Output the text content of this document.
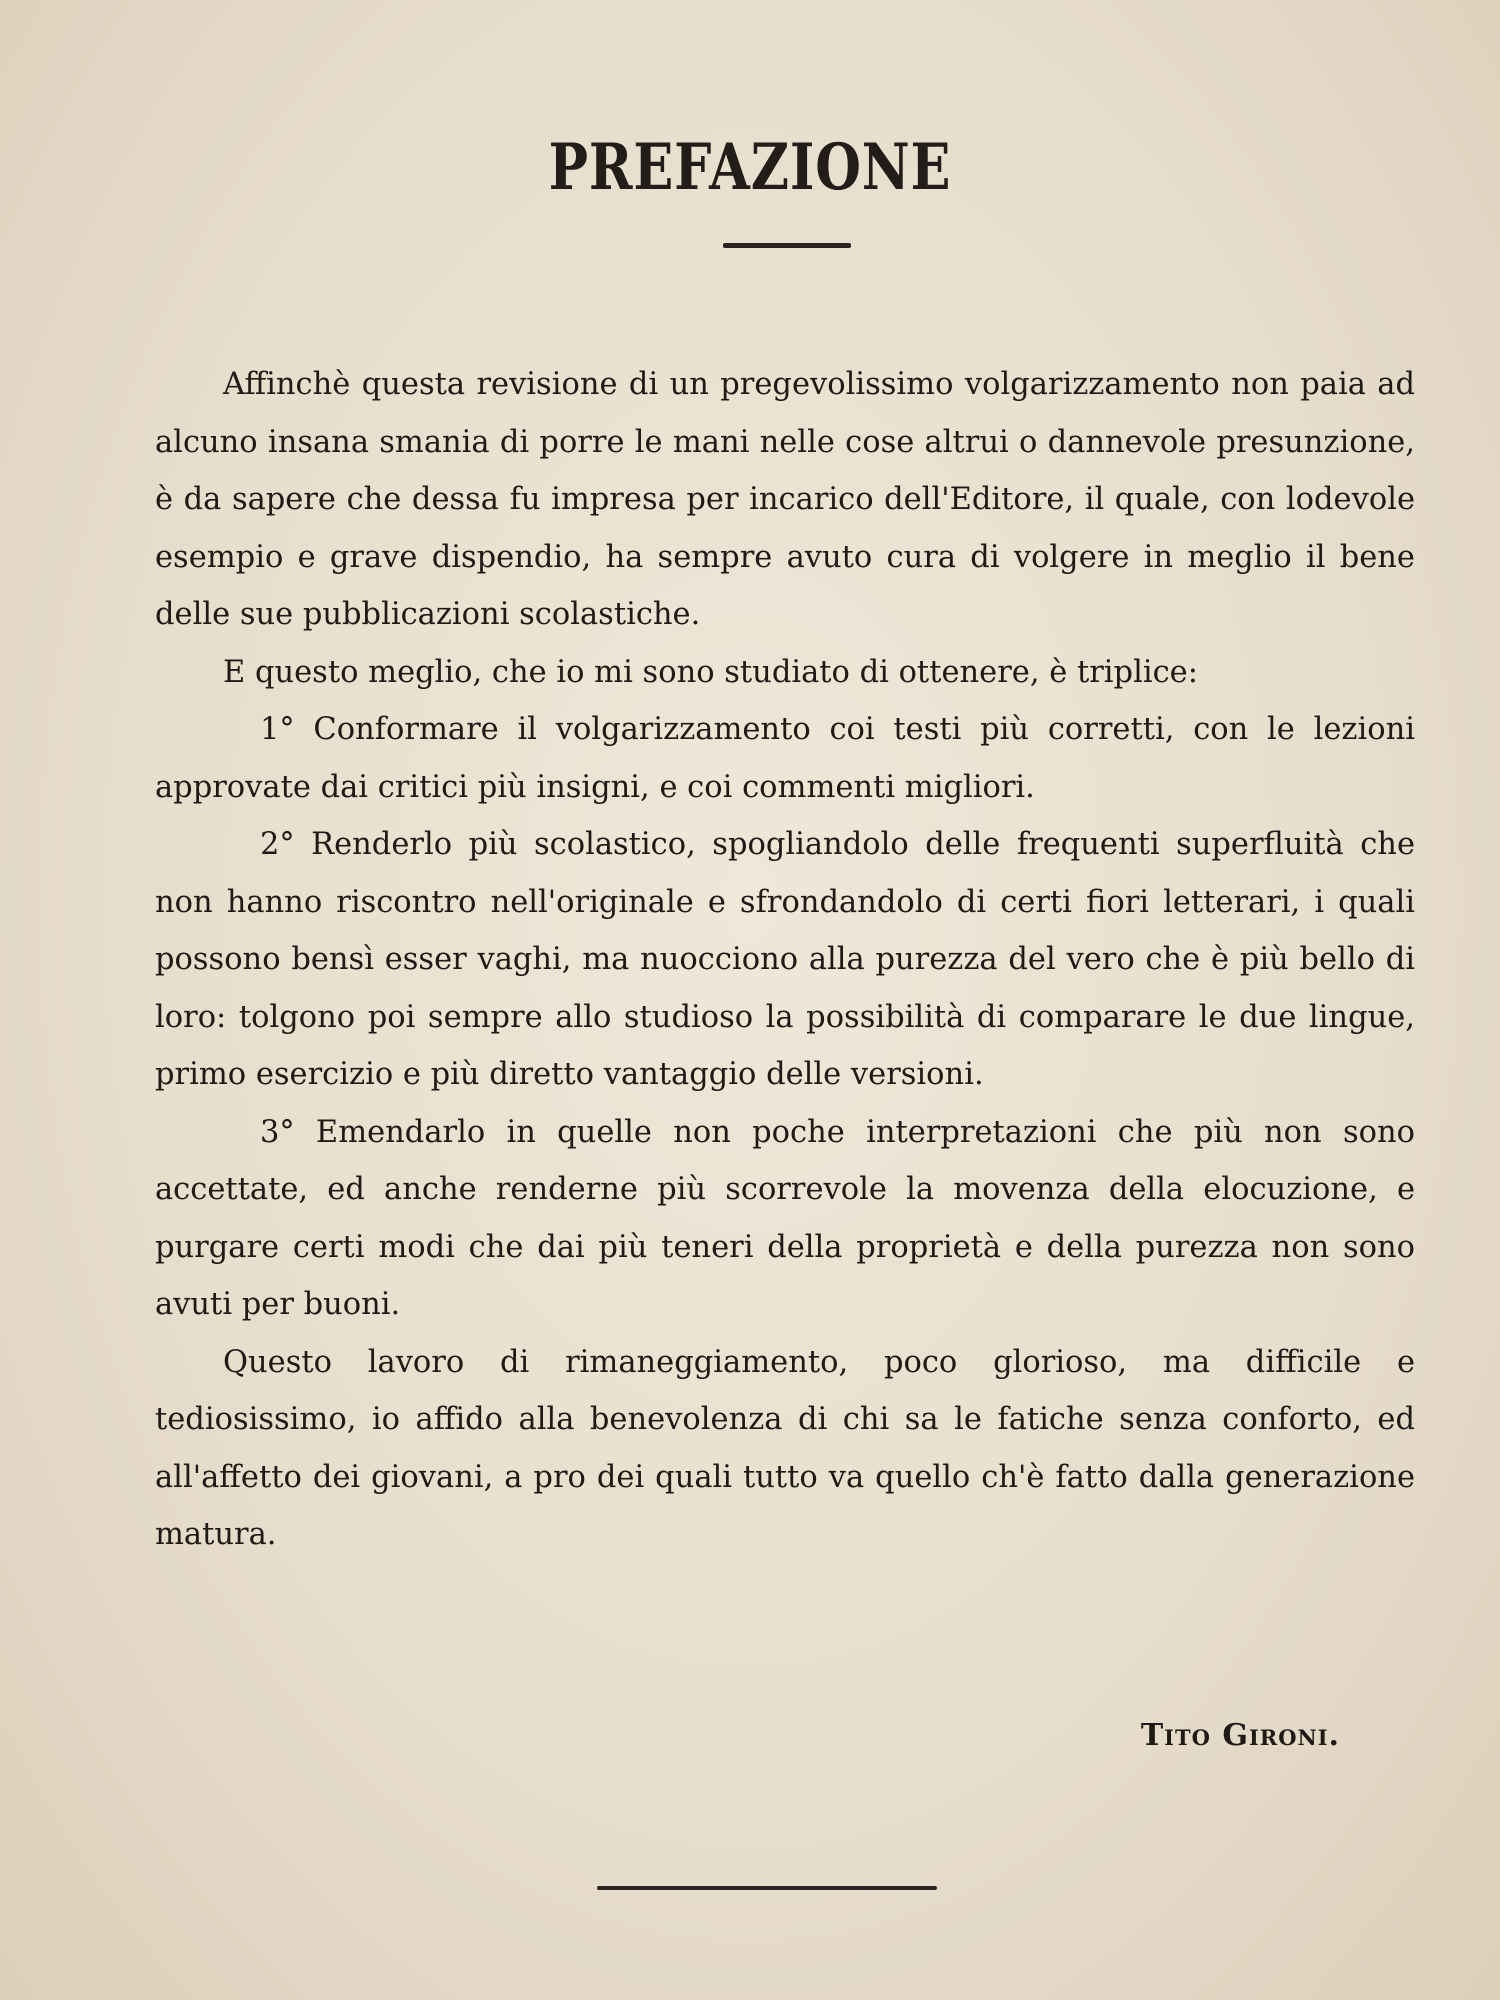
PREFAZIONE

Affinchè questa revisione di un pregevolissimo volgarizzamento non paia ad alcuno insana smania di porre le mani nelle cose altrui o dannevole presunzione, è da sapere che dessa fu impresa per incarico dell'Editore, il quale, con lodevole esempio e grave dispendio, ha sempre avuto cura di volgere in meglio il bene delle sue pubblicazioni scolastiche.

E questo meglio, che io mi sono studiato di ottenere, è triplice:

1° Conformare il volgarizzamento coi testi più corretti, con le lezioni approvate dai critici più insigni, e coi commenti migliori.

2° Renderlo più scolastico, spogliandolo delle frequenti superfluità che non hanno riscontro nell'originale e sfrondandolo di certi fiori letterari, i quali possono bensì esser vaghi, ma nuocciono alla purezza del vero che è più bello di loro: tolgono poi sempre allo studioso la possibilità di comparare le due lingue, primo esercizio e più diretto vantaggio delle versioni.

3° Emendarlo in quelle non poche interpretazioni che più non sono accettate, ed anche renderne più scorrevole la movenza della elocuzione, e purgare certi modi che dai più teneri della proprietà e della purezza non sono avuti per buoni.

Questo lavoro di rimaneggiamento, poco glorioso, ma difficile e tediosissimo, io affido alla benevolenza di chi sa le fatiche senza conforto, ed all'affetto dei giovani, a pro dei quali tutto va quello ch'è fatto dalla generazione matura.

Tito Gironi.
